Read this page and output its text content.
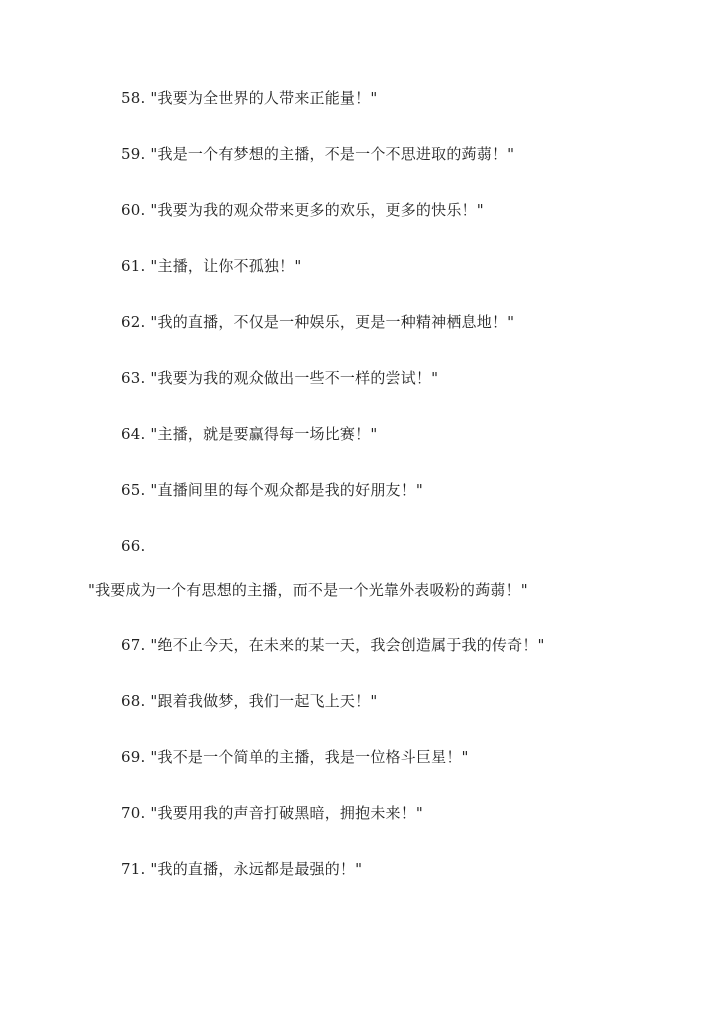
58. "我要为全世界的人带来正能量！"
59. "我是一个有梦想的主播，不是一个不思进取的蒟蒻！"
60. "我要为我的观众带来更多的欢乐，更多的快乐！"
61. "主播，让你不孤独！"
62. "我的直播，不仅是一种娱乐，更是一种精神栖息地！"
63. "我要为我的观众做出一些不一样的尝试！"
64. "主播，就是要赢得每一场比赛！"
65. "直播间里的每个观众都是我的好朋友！"
66.
"我要成为一个有思想的主播，而不是一个光靠外表吸粉的蒟蒻！"
67. "绝不止今天，在未来的某一天，我会创造属于我的传奇！"
68. "跟着我做梦，我们一起飞上天！"
69. "我不是一个简单的主播，我是一位格斗巨星！"
70. "我要用我的声音打破黑暗，拥抱未来！"
71. "我的直播，永远都是最强的！"
